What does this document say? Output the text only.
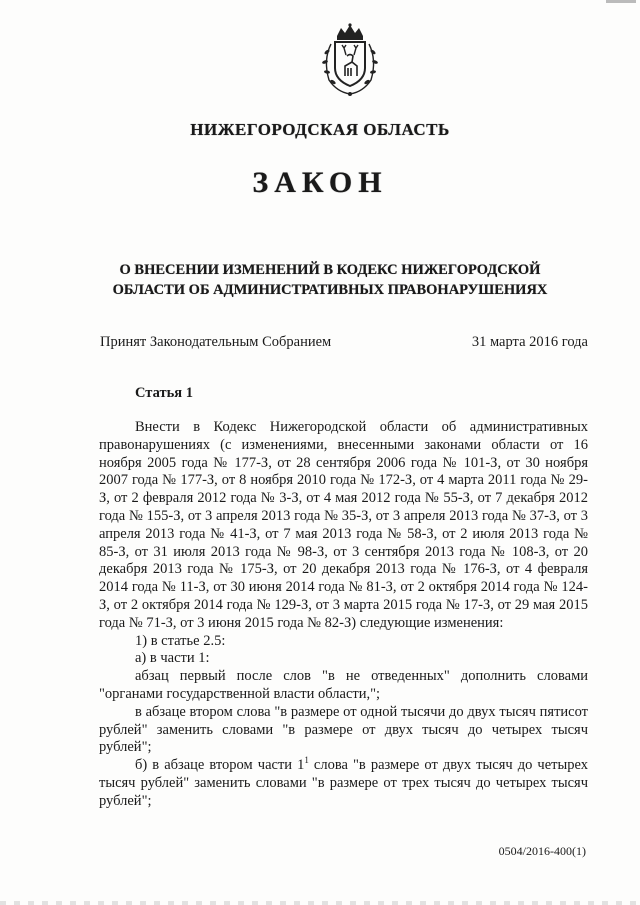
НИЖЕГОРОДСКАЯ ОБЛАСТЬ
ЗАКОН
О ВНЕСЕНИИ ИЗМЕНЕНИЙ В КОДЕКС НИЖЕГОРОДСКОЙ
ОБЛАСТИ ОБ АДМИНИСТРАТИВНЫХ ПРАВОНАРУШЕНИЯХ
Принят Законодательным Собранием	31 марта 2016 года
Статья 1

Внести в Кодекс Нижегородской области об административных правонарушениях (с изменениями, внесенными законами области от 16 ноября 2005 года № 177-З, от 28 сентября 2006 года № 101-З, от 30 ноября 2007 года № 177-З, от 8 ноября 2010 года № 172-З, от 4 марта 2011 года № 29-З, от 2 февраля 2012 года № 3-З, от 4 мая 2012 года № 55-З, от 7 декабря 2012 года № 155-З, от 3 апреля 2013 года № 35-З, от 3 апреля 2013 года № 37-З, от 3 апреля 2013 года № 41-З, от 7 мая 2013 года № 58-З, от 2 июля 2013 года № 85-З, от 31 июля 2013 года № 98-З, от 3 сентября 2013 года № 108-З, от 20 декабря 2013 года № 175-З, от 20 декабря 2013 года № 176-З, от 4 февраля 2014 года № 11-З, от 30 июня 2014 года № 81-З, от 2 октября 2014 года № 124-З, от 2 октября 2014 года № 129-З, от 3 марта 2015 года № 17-З, от 29 мая 2015 года № 71-З, от 3 июня 2015 года № 82-З) следующие изменения:

1) в статье 2.5:

а) в части 1:

абзац первый после слов "в не отведенных" дополнить словами "органами государственной власти области,";

в абзаце втором слова "в размере от одной тысячи до двух тысяч пятисот рублей" заменить словами "в размере от двух тысяч до четырех тысяч рублей";

б) в абзаце втором части $1^1$ слова "в размере от двух тысяч до четырех тысяч рублей" заменить словами "в размере от трех тысяч до четырех тысяч рублей";

0504/2016-400(1)
